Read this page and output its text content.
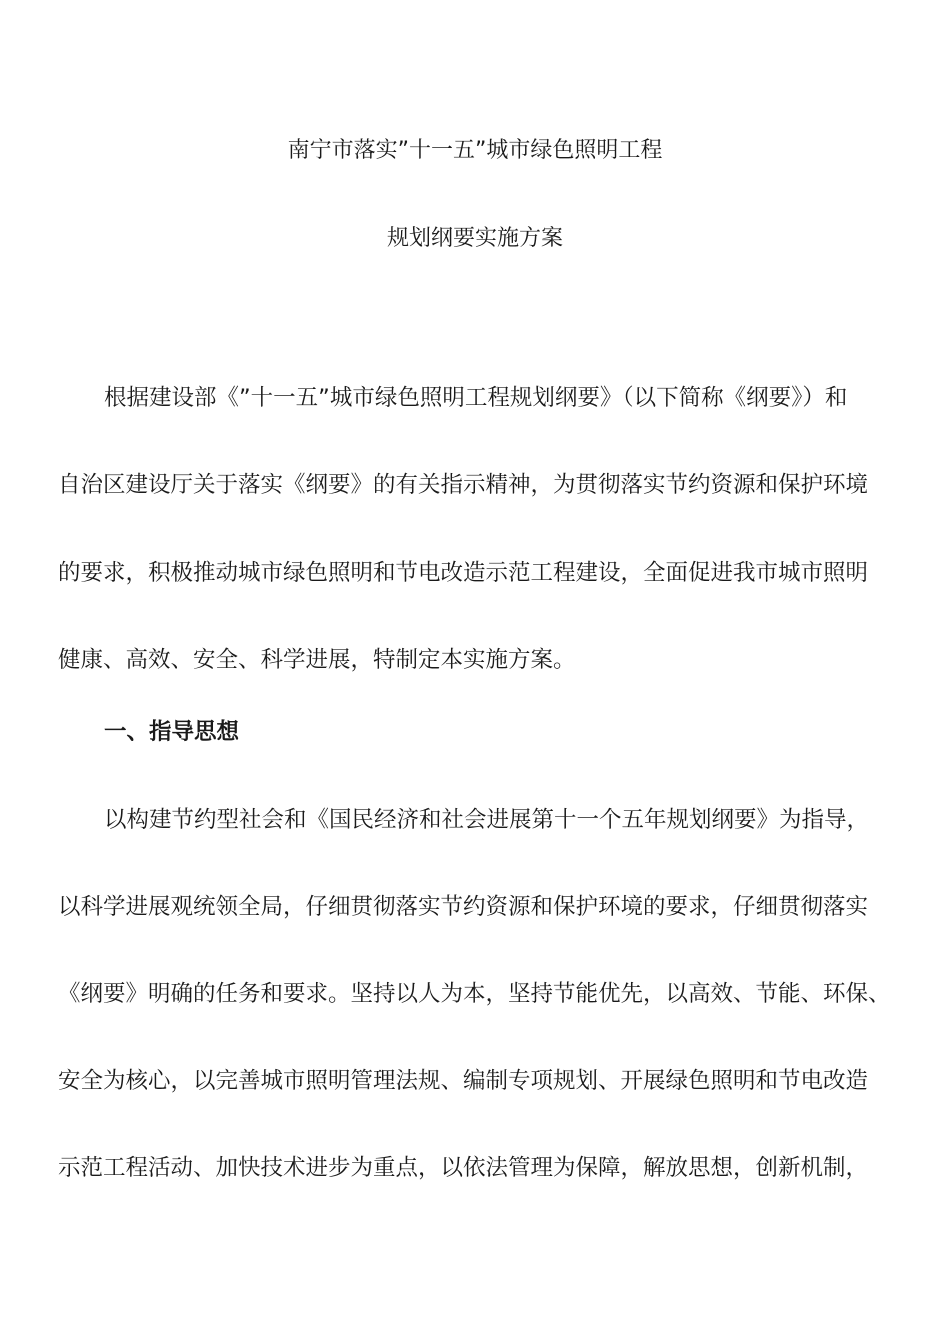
南宁市落实”十一五”城市绿色照明工程
规划纲要实施方案
根据建设部《”十一五”城市绿色照明工程规划纲要》（以下简称《纲要》）和
自治区建设厅关于落实《纲要》的有关指示精神，为贯彻落实节约资源和保护环境
的要求，积极推动城市绿色照明和节电改造示范工程建设，全面促进我市城市照明
健康、高效、安全、科学进展，特制定本实施方案。
一、指导思想
以构建节约型社会和《国民经济和社会进展第十一个五年规划纲要》为指导，
以科学进展观统领全局，仔细贯彻落实节约资源和保护环境的要求，仔细贯彻落实
《纲要》明确的任务和要求。坚持以人为本，坚持节能优先，以高效、节能、环保、
安全为核心，以完善城市照明管理法规、编制专项规划、开展绿色照明和节电改造
示范工程活动、加快技术进步为重点，以依法管理为保障，解放思想，创新机制，
